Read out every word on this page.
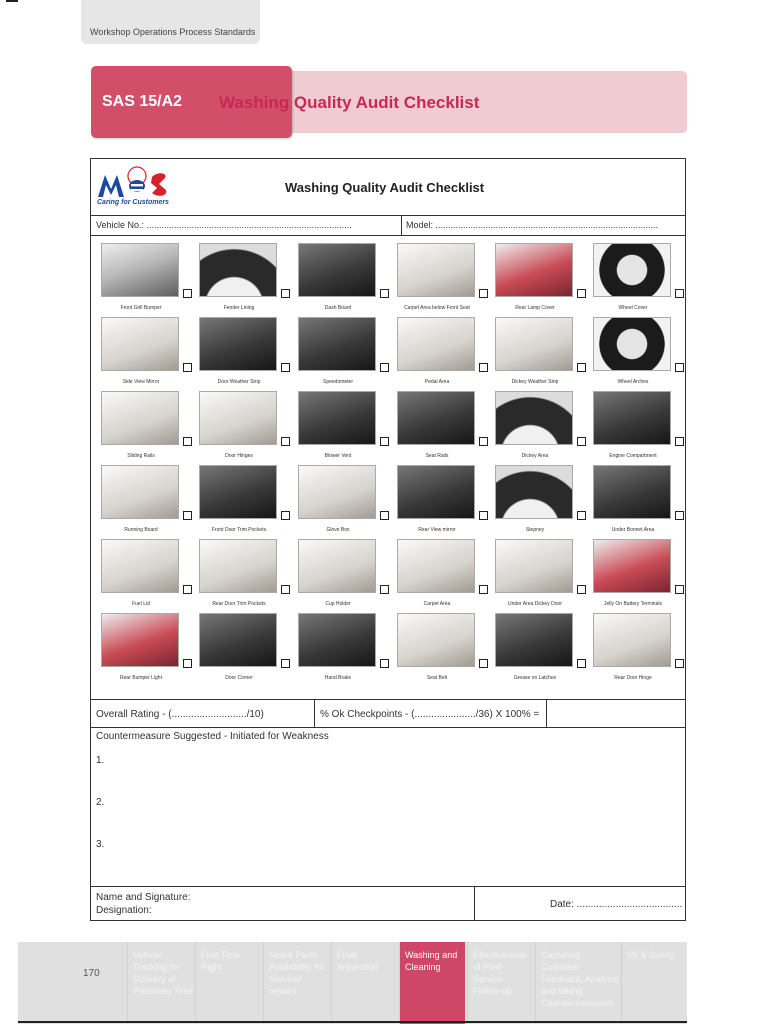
Workshop Operations Process Standards
SAS 15/A2 Washing Quality Audit Checklist
Caring for Customers
Washing Quality Audit Checklist
Vehicle No.: ..................................................................................	Model: .........................................................................................
Front Grill Bumper	Fender Lining	Dash Board	Carpet Area below Front Seat	Rear Lamp Cover	Wheel Cover
Side View Mirror	Door Weather Strip	Speedometer	Pedal Area	Dickey Weather Strip	Wheel Arches
Sliding Rails	Door Hinges	Blower Vent	Seat Rails	Dickey Area	Engine Compartment
Running Board	Front Door Trim Pockets	Glove Box	Rear View mirror	Stepney	Under Bonnet Area
Fuel Lid	Rear Door Trim Pockets	Cup Holder	Carpet Area	Under Area Dickey Door	Jelly On Battery Terminals
Rear Bumper Light	Door Corner	Hand Brake	Seat Belt	Grease on Latches	Rear Door Hinge
Overall Rating - (.........................../10)	% Ok Checkpoints - (....................../36) X 100% =
Countermeasure Suggested - Initiated for Weakness
1.
2.
3.
Name and Signature:
Designation:
Date: ......................................
170
Vehicle Tracking for Delivery at Promised Time
First Time Right
Spare Parts Availability for Service/ repairs
Final Inspection
Washing and Cleaning
Effectiveness of Post-Service Follow-up
Capturing Customer Feedback, Analysis and taking Countermeasures
5S & Safety
